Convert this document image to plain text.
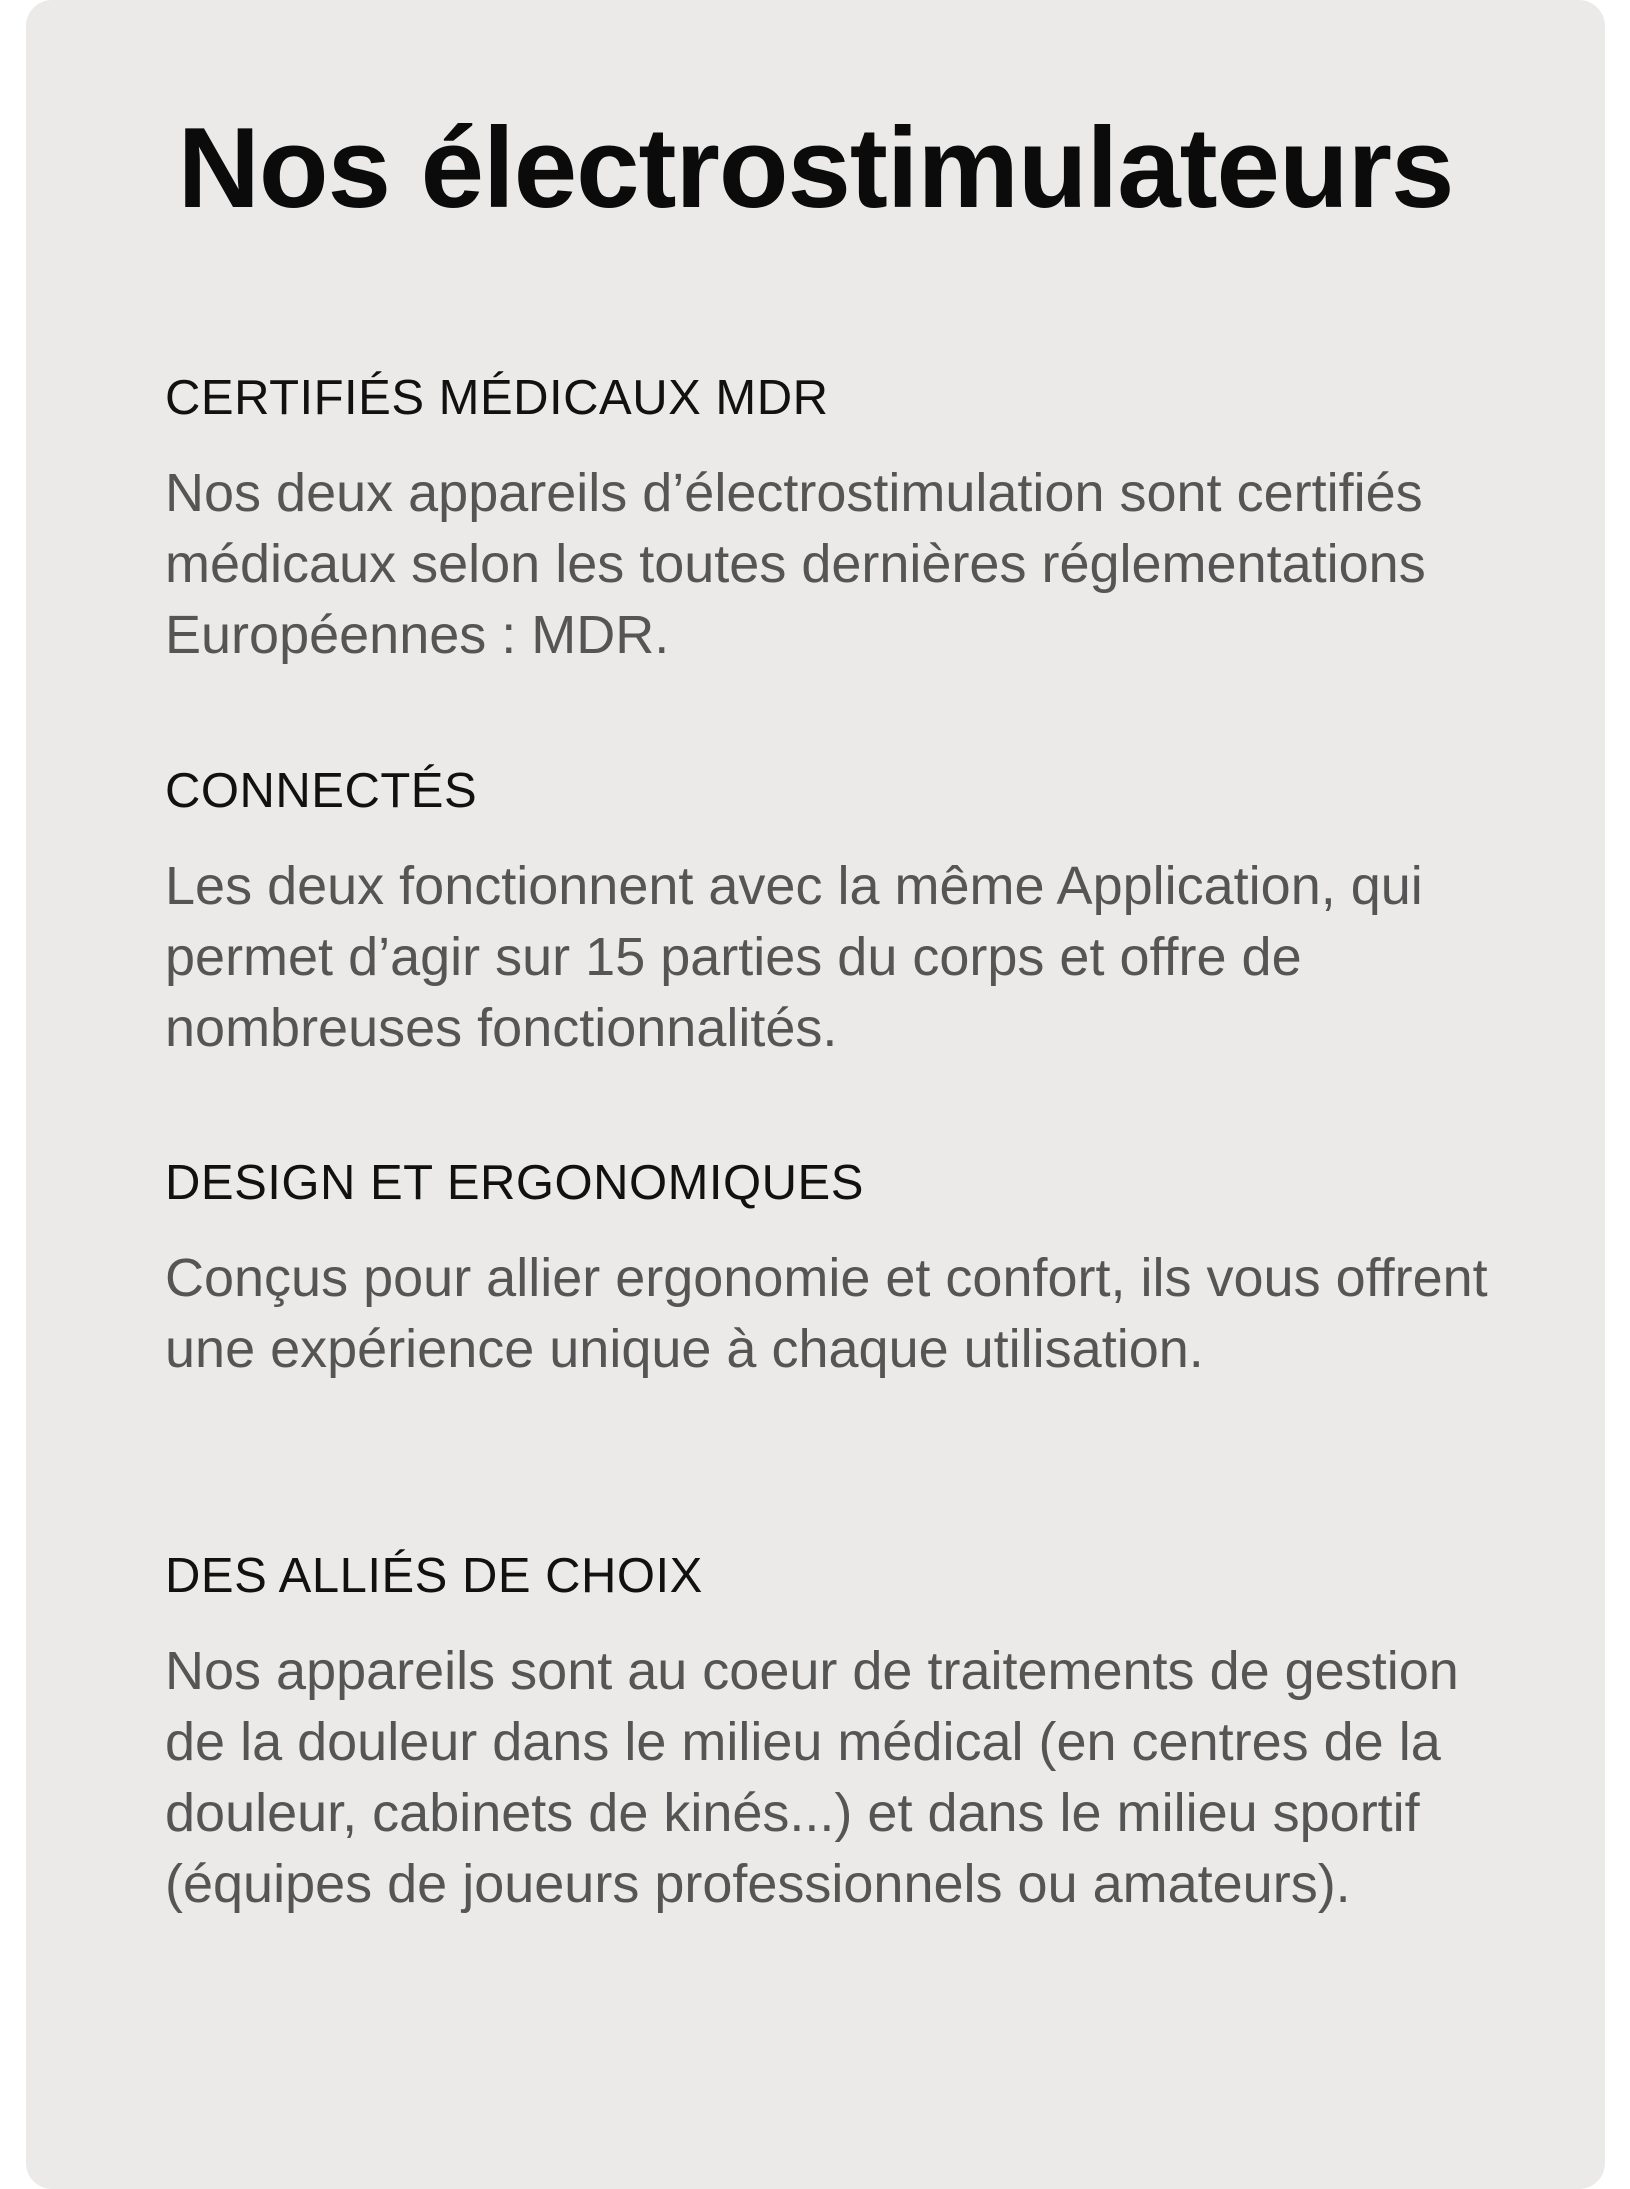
Nos électrostimulateurs
CERTIFIÉS MÉDICAUX MDR

Nos deux appareils d’électrostimulation sont certifiés médicaux selon les toutes dernières réglementations Européennes : MDR.

CONNECTÉS

Les deux fonctionnent avec la même Application, qui permet d’agir sur 15 parties du corps et offre de nombreuses fonctionnalités.

DESIGN ET ERGONOMIQUES

Conçus pour allier ergonomie et confort, ils vous offrent une expérience unique à chaque utilisation.

DES ALLIÉS DE CHOIX

Nos appareils sont au coeur de traitements de gestion de la douleur dans le milieu médical (en centres de la douleur, cabinets de kinés...) et dans le milieu sportif (équipes de joueurs professionnels ou amateurs).
